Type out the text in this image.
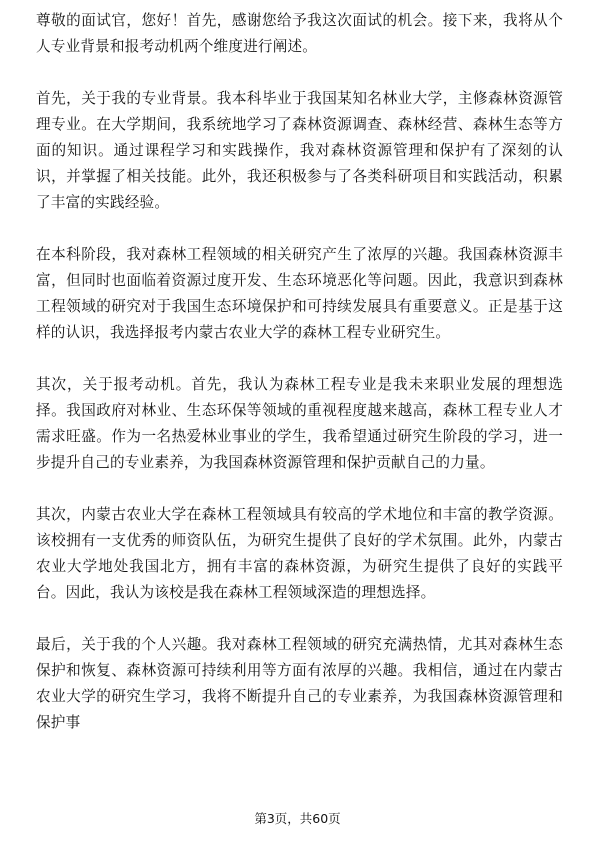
尊敬的面试官，您好！首先，感谢您给予我这次面试的机会。接下来，我将从个人专业背景和报考动机两个维度进行阐述。

首先，关于我的专业背景。我本科毕业于我国某知名林业大学，主修森林资源管理专业。在大学期间，我系统地学习了森林资源调查、森林经营、森林生态等方面的知识。通过课程学习和实践操作，我对森林资源管理和保护有了深刻的认识，并掌握了相关技能。此外，我还积极参与了各类科研项目和实践活动，积累了丰富的实践经验。

在本科阶段，我对森林工程领域的相关研究产生了浓厚的兴趣。我国森林资源丰富，但同时也面临着资源过度开发、生态环境恶化等问题。因此，我意识到森林工程领域的研究对于我国生态环境保护和可持续发展具有重要意义。正是基于这样的认识，我选择报考内蒙古农业大学的森林工程专业研究生。

其次，关于报考动机。首先，我认为森林工程专业是我未来职业发展的理想选择。我国政府对林业、生态环保等领域的重视程度越来越高，森林工程专业人才需求旺盛。作为一名热爱林业事业的学生，我希望通过研究生阶段的学习，进一步提升自己的专业素养，为我国森林资源管理和保护贡献自己的力量。

其次，内蒙古农业大学在森林工程领域具有较高的学术地位和丰富的教学资源。该校拥有一支优秀的师资队伍，为研究生提供了良好的学术氛围。此外，内蒙古农业大学地处我国北方，拥有丰富的森林资源，为研究生提供了良好的实践平台。因此，我认为该校是我在森林工程领域深造的理想选择。

最后，关于我的个人兴趣。我对森林工程领域的研究充满热情，尤其对森林生态保护和恢复、森林资源可持续利用等方面有浓厚的兴趣。我相信，通过在内蒙古农业大学的研究生学习，我将不断提升自己的专业素养，为我国森林资源管理和保护事

第3页，共60页
